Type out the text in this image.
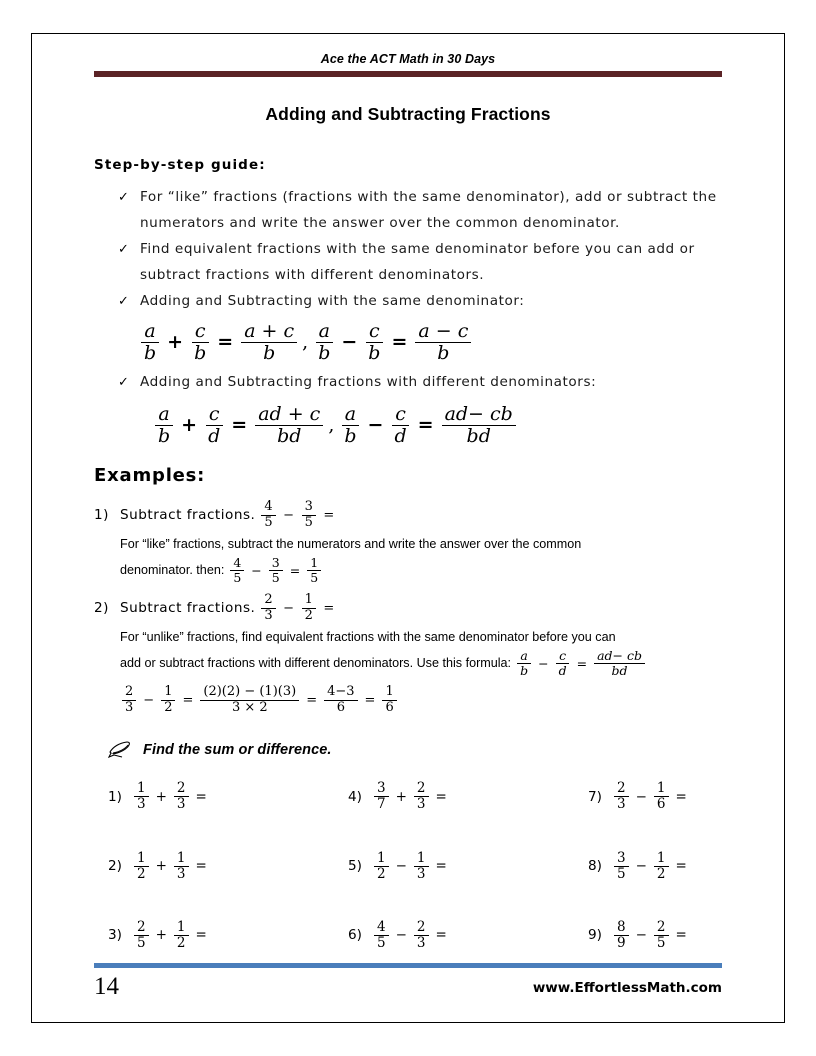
Ace the ACT Math in 30 Days
Adding and Subtracting Fractions
Step-by-step guide:
✓ For “like” fractions (fractions with the same denominator), add or subtract the numerators and write the answer over the common denominator.
✓ Find equivalent fractions with the same denominator before you can add or subtract fractions with different denominators.
✓ Adding and Subtracting with the same denominator:
$\frac{a}{b} + \frac{c}{b} = \frac{a + c}{b}$ , $\frac{a}{b} - \frac{c}{b} = \frac{a - c}{b}$
✓ Adding and Subtracting fractions with different denominators:
$\frac{a}{b} + \frac{c}{d} = \frac{ad + c}{bd}$ , $\frac{a}{b} - \frac{c}{d} = \frac{ad- cb}{bd}$
Examples:
1) Subtract fractions. $\frac{4}{5} - \frac{3}{5}$ =
For “like” fractions, subtract the numerators and write the answer over the common
denominator. then: $\frac{4}{5} - \frac{3}{5} = \frac{1}{5}$
2) Subtract fractions. $\frac{2}{3} - \frac{1}{2}$ =
For “unlike” fractions, find equivalent fractions with the same denominator before you can
add or subtract fractions with different denominators. Use this formula: $\frac{a}{b} - \frac{c}{d} = \frac{ad- cb}{bd}$
$\frac{2}{3} - \frac{1}{2} = \frac{(2)(2) - (1)(3)}{3 \times 2} = \frac{4-3}{6} = \frac{1}{6}$
Find the sum or difference.
$1) \frac{1}{3} + \frac{2}{3}$ =	$4) \frac{3}{7} + \frac{2}{3}$ =	$7) \frac{2}{3} - \frac{1}{6}$ =
$2) \frac{1}{2} + \frac{1}{3}$ =	$5) \frac{1}{2} - \frac{1}{3}$ =	$8) \frac{3}{5} - \frac{1}{2}$ =
$3) \frac{2}{5} + \frac{1}{2}$ =	$6) \frac{4}{5} - \frac{2}{3}$ =	$9) \frac{8}{9} - \frac{2}{5}$ =
14	www.EffortlessMath.com
